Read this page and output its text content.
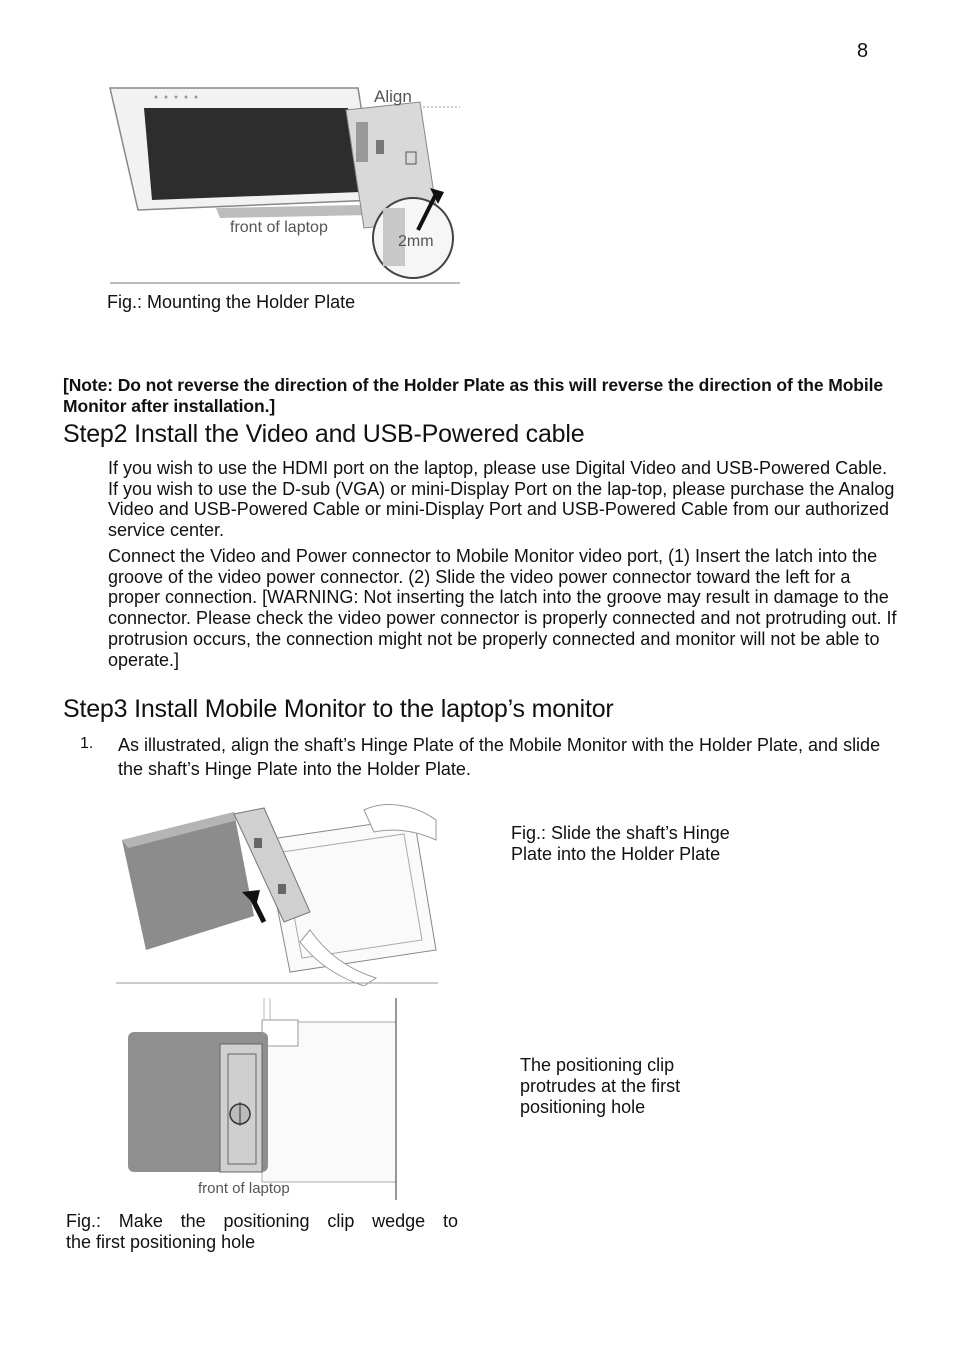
8
Align
front of laptop
2mm
Fig.: Mounting the Holder Plate
[Note: Do not reverse the direction of the Holder Plate as this will reverse the direction of the Mobile Monitor after installation.]
Step2 Install the Video and USB-Powered cable
If you wish to use the HDMI port on the laptop, please use Digital Video and USB-Powered Cable. If you wish to use the D-sub (VGA) or mini-Display Port on the lap-top, please purchase the Analog Video and USB-Powered Cable or mini-Display Port and USB-Powered Cable from our authorized service center.
Connect the Video and Power connector to Mobile Monitor video port, (1) Insert the latch into the groove of the video power connector. (2) Slide the video power connector toward the left for a proper connection. [WARNING: Not inserting the latch into the groove may result in damage to the connector. Please check the video power connector is properly connected and not protruding out. If protrusion occurs, the connection might not be properly connected and monitor will not be able to operate.]
Step3 Install Mobile Monitor to the laptop’s monitor
1. As illustrated, align the shaft’s Hinge Plate of the Mobile Monitor with the Holder Plate, and slide the shaft’s Hinge Plate into the Holder Plate.
Fig.: Slide the shaft’s Hinge
Plate into the Holder Plate
front of laptop
The positioning clip
protrudes at the first
positioning hole
Fig.: Make the positioning clip wedge to
the first positioning hole
